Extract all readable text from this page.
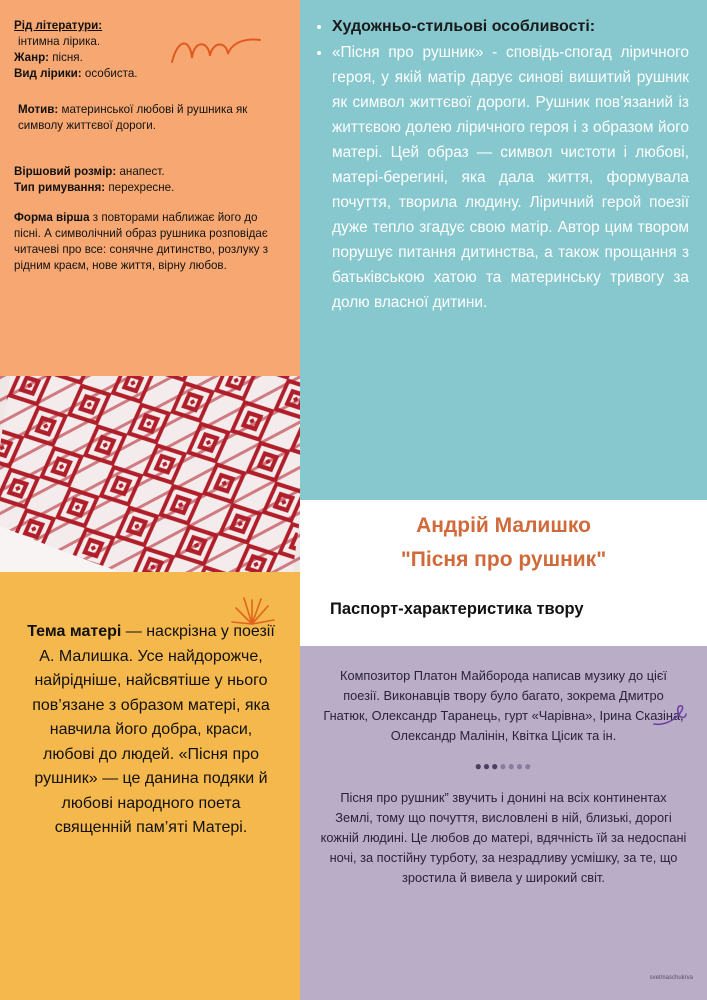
Рід літератури:
інтимна лірика.
Жанр: пісня.
Вид лірики: особиста.
Мотив: материнської любові й рушника як символу життєвої дороги.
Віршовий розмір: анапест.
Тип римування: перехресне.
Форма вірша з повторами наближає його до пісні. А символічний образ рушника розповідає читачеві про все: сонячне дитинство, розлуку з рідним краєм, нове життя, вірну любов.
• Художньо-стильові особливості:
• «Пісня про рушник» - сповідь-спогад ліричного героя, у якій матір дарує синові вишитий рушник як символ життєвої дороги. Рушник пов’язаний із життєвою долею ліричного героя і з образом його матері. Цей образ — символ чистоти і любові, матері-берегині, яка дала життя, формувала почуття, творила людину. Ліричний герой поезії дуже тепло згадує свою матір. Автор цим твором порушує питання дитинства, а також прощання з батьківською хатою та материнську тривогу за долю власної дитини.
Тема матері — наскрізна у поезії А. Малишка. Усе найдорожче, найрідніше, найсвятіше у нього пов’язане з образом матері, яка навчила його добра, краси, любові до людей. «Пісня про рушник» — це данина подяки й любові народного поета священній пам’яті Матері.
Андрій Малишко
"Пісня про рушник"
Паспорт-характеристика твору
Композитор Платон Майборода написав музику до цієї поезії. Виконавців твору було багато, зокрема Дмитро Гнатюк, Олександр Таранець, гурт «Чарівна», Ірина Сказіна, Олександр Малінін, Квітка Цісик та ін.
●●●●●●●
Пісня про рушник” звучить і донині на всіх континентах Землі, тому що почуття, висловлені в ній, близькі, дорогі кожній людині. Це любов до матері, вдячність їй за недоспані ночі, за постійну турботу, за незрадливу усмішку, за те, що зростила й вивела у широкий світ.
svetmaschukrva
